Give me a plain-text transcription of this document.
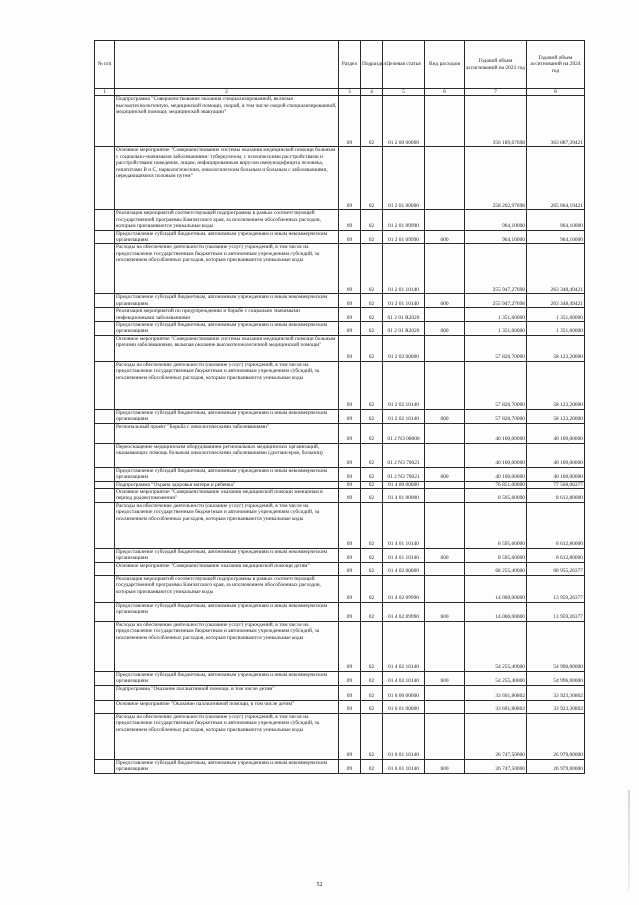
№ п/п		Раздел	Подраздел	Целевая статья	Вид расходов	Годовой объем ассигнований на 2023 год	Годовой объем ассигнований на 2024 год
1	2	3	4	5	6	7	8
	Подпрограмма "Совершенствование оказания специализированной, включая высокотехнологичную, медицинской помощи, скорой, в том числе скорой специализированной, медицинской помощи, медицинской эвакуации"	09	02	01 2 00 00000		356 189,67698	363 887,39421
	Основное мероприятие "Совершенствование системы оказания медицинской помощи больным с социально-значимыми заболеваниями: туберкулезом, с психическими расстройствами и расстройствами поведения, лицам, инфицированным вирусом иммунодефицита человека, гепатитами В и С, наркологическим, онкологическим больным и больным с заболеваниями, передающимися половым путем"	09	02	01 2 01 00000		258 262,97698	265 664,19421
	Реализация мероприятий соответствующей подпрограммы в рамках соответствующей государственной программы Камчатского края, за исключением обособленных расходов, которым присваиваются уникальные коды	09	02	01 2 01 09990		964,10000	964,10000
	Предоставление субсидий бюджетным, автономным учреждениям и иным некоммерческим организациям	09	02	01 2 01 09990	600	964,10000	964,10000
	Расходы на обеспечение деятельности (оказание услуг) учреждений, в том числе на предоставление государственным бюджетным и автономным учреждениям субсидий, за исключением обособленных расходов, которым присваиваются уникальные коды	09	02	01 2 01 10140		255 947,27698	263 348,49421
	Предоставление субсидий бюджетным, автономным учреждениям и иным некоммерческим организациям	09	02	01 2 01 10140	600	255 947,27698	263 348,49421
	Реализация мероприятий по предупреждению и борьбе с социально значимыми инфекционными заболеваниями	09	02	01 2 01 R2020		1 351,60000	1 351,60000
	Предоставление субсидий бюджетным, автономным учреждениям и иным некоммерческим организациям	09	02	01 2 01 R2020	600	1 351,60000	1 351,60000
	Основное мероприятие "Совершенствование системы оказания медицинской помощи больным прочими заболеваниями, включая оказание высокотехнологичной медицинской помощи"	09	02	01 2 02 00000		57 826,70000	58 123,20000
	Расходы на обеспечение деятельности (оказание услуг) учреждений, в том числе на предоставление государственным бюджетным и автономным учреждениям субсидий, за исключением обособленных расходов, которым присваиваются уникальные коды	09	02	01 2 02 10140		57 826,70000	58 123,20000
	Предоставление субсидий бюджетным, автономным учреждениям и иным некоммерческим организациям	09	02	01 2 02 10140	600	57 826,70000	58 123,20000
	Региональный проект "Борьба с онкологическими заболеваниями"	09	02	01 2 N3 00000		40 100,00000	40 100,00000
	Переоснащение медицинским оборудованием региональных медицинских организаций, оказывающих помощь больным онкологическими заболеваниями (диспансеров, больниц)	09	02	01 2 N3 70021		40 100,00000	40 100,00000
	Предоставление субсидий бюджетным, автономным учреждениям и иным некоммерческим организациям	09	02	01 2 N3 70021	600	40 100,00000	40 100,00000
	Подпрограмма "Охрана здоровья матери и ребенка"	09	02	01 4 00 00000		76 851,00000	77 568,06377
	Основное мероприятие "Совершенствование оказания медицинской помощи женщинам в период родовспоможения"	09	02	01 4 01 00000		8 595,60000	8 612,80000
	Расходы на обеспечение деятельности (оказание услуг) учреждений, в том числе на предоставление государственным бюджетным и автономным учреждениям субсидий, за исключением обособленных расходов, которым присваиваются уникальные коды	09	02	01 4 01 10140		8 595,60000	8 612,80000
	Предоставление субсидий бюджетным, автономным учреждениям и иным некоммерческим организациям	09	02	01 4 01 10140	600	8 595,60000	8 612,80000
	Основное мероприятие "Совершенствование оказания медицинской помощи детям"	09	02	01 4 02 00000		68 255,40000	68 955,26377
	Реализация мероприятий соответствующей подпрограммы в рамках соответствующей государственной программы Камчатского края, за исключением обособленных расходов, которым присваиваются уникальные коды	09	02	01 4 02 09990		14 000,00000	13 959,26377
	Предоставление субсидий бюджетным, автономным учреждениям и иным некоммерческим организациям	09	02	01 4 02 09990	600	14 000,00000	13 959,26377
	Расходы на обеспечение деятельности (оказание услуг) учреждений, в том числе на предоставление государственным бюджетным и автономным учреждениям субсидий, за исключением обособленных расходов, которым присваиваются уникальные коды	09	02	01 4 02 10140		54 255,40000	54 996,00000
	Предоставление субсидий бюджетным, автономным учреждениям и иным некоммерческим организациям	09	02	01 4 02 10140	600	54 255,40000	54 996,00000
	Подпрограмма "Оказание паллиативной помощи, в том числе детям"	09	02	01 6 00 00000		33 691,80802	33 923,30802
	Основное мероприятие "Оказание паллиативной помощи, в том числе детям"	09	02	01 6 01 00000		33 691,80802	33 923,30802
	Расходы на обеспечение деятельности (оказание услуг) учреждений, в том числе на предоставление государственным бюджетным и автономным учреждениям субсидий, за исключением обособленных расходов, которым присваиваются уникальные коды	09	02	01 6 01 10140		26 747,50000	26 979,00000
	Предоставление субсидий бюджетным, автономным учреждениям и иным некоммерческим организациям	09	02	01 6 01 10140	600	26 747,50000	26 979,00000
52
